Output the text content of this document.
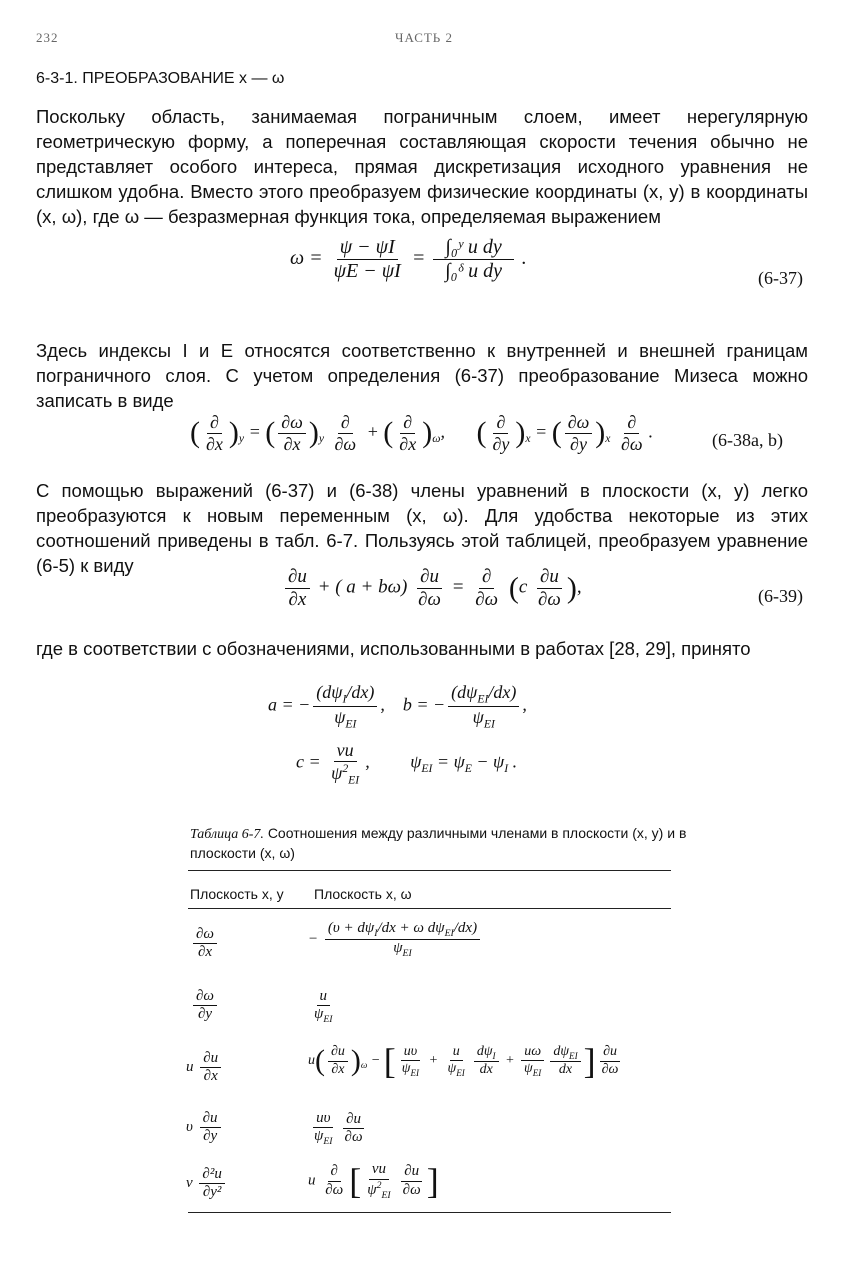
232	ЧАСТЬ 2
6-3-1. ПРЕОБРАЗОВАНИЕ x — ω

Поскольку область, занимаемая пограничным слоем, имеет нерегулярную геометрическую форму, а поперечная составляющая скорости течения обычно не представляет особого интереса, прямая дискретизация исходного уравнения не слишком удобна. Вместо этого преобразуем физические координаты (x, y) в координаты (x, ω), где ω — безразмерная функция тока, определяемая выражением

$\omega = \frac{\psi - \psi I}{\psi E - \psi I} = \frac{\text{∫₀ʸ u dy}}{\text{∫₀ᵟ u dy}}$ .
(6-37)

Здесь индексы I и E относятся соответственно к внутренней и внешней границам пограничного слоя. С учетом определения (6-37) преобразование Мизеса можно записать в виде

( $\frac{\partial}{\partial x} )_y$ = ( $\frac{\partial\omega}{\partial x} )_y \frac{\partial}{\partial\omega}$ + ( $\frac{\partial}{\partial x} )_\omega$,       ( $\frac{\partial}{\partial y} )_x$ = ( $\frac{\partial\omega}{\partial y} )_x \frac{\partial}{\partial\omega}$ .	(6-38a, b)

С помощью выражений (6-37) и (6-38) члены уравнений в плоскости (x, y) легко преобразуются к новым переменным (x, ω). Для удобства некоторые из этих соотношений приведены в табл. 6-7. Пользуясь этой таблицей, преобразуем уравнение (6-5) к виду

$\frac{\partial u}{\partial x}$ + ( $a + b\omega) \frac{\partial u}{\partial\omega} = \frac{\partial}{\partial\omega} (c \frac{\partial u}{\partial\omega}$ ),	(6-39)

где в соответствии с обозначениями, использованными в работах [28, 29], принято

a = − $\frac{(d\psi_I/dx)}{\psi_{EI}}$ ,    b = − $\frac{(d\psi_{EI}/dx)}{\psi_{EI}}$ ,
$c = \frac{\nu u}{\psi^2_{EI}}$ ,         $\psi_{EI} = \psi_E - \psi_I$ .
Таблица 6-7. Соотношения между различными членами в плоскости (x, y) и в плоскости (x, ω)
Плоскость x, y Плоскость x, ω
$\frac{\partial\omega}{\partial x}$	− $\frac{(\upsilon + d\psi_I/dx + \omega d\psi_{EI}/dx)}{\psi_{EI}}$
$\frac{\partial\omega}{\partial y}$	$\frac{u}{\psi_{EI}}$
u $\frac{\partial u}{\partial x}$	$u( \frac{\partial u}{\partial x} )_\omega$ − [ $\frac{u\upsilon}{\psi_{EI}} + \frac{u}{\psi_{EI}} \frac{d\psi_I}{dx} + \frac{u\omega}{\psi_{EI}} \frac{d\psi_{EI}}{dx}$ ] $\frac{\partial u}{\partial\omega}$
υ $\frac{\partial u}{\partial y}$	$\frac{u\upsilon}{\psi_{EI}} \frac{\partial u}{\partial\omega}$
ν $\frac{\text{∂²u}}{\text{∂y²}}$	u $\frac{\partial}{\partial\omega}$ [ $\frac{\nu u}{\psi^2_{EI}} \frac{\partial u}{\partial\omega}$ ]
